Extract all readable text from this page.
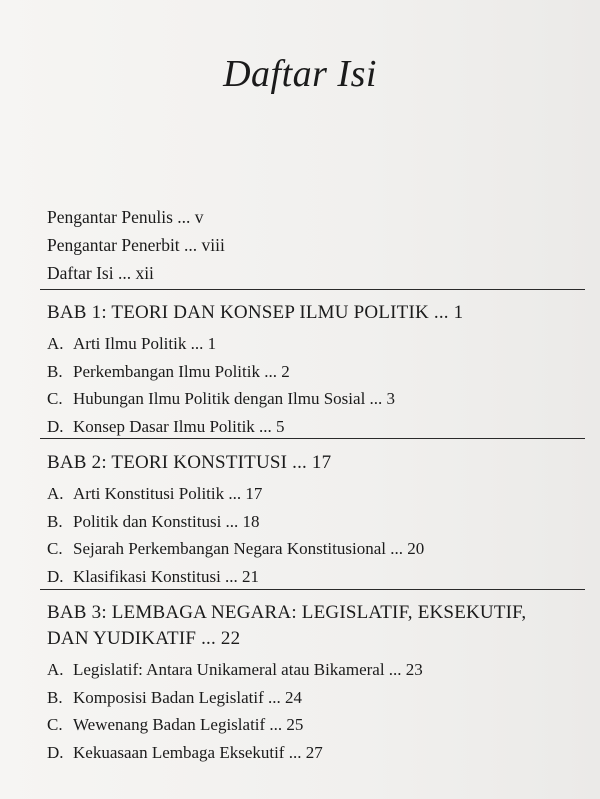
Daftar Isi
Pengantar Penulis ... v
Pengantar Penerbit ... viii
Daftar Isi ... xii
BAB 1: TEORI DAN KONSEP ILMU POLITIK ... 1
A. Arti Ilmu Politik ... 1
B. Perkembangan Ilmu Politik ... 2
C. Hubungan Ilmu Politik dengan Ilmu Sosial ... 3
D. Konsep Dasar Ilmu Politik ... 5
BAB 2: TEORI KONSTITUSI ... 17
A. Arti Konstitusi Politik ... 17
B. Politik dan Konstitusi ... 18
C. Sejarah Perkembangan Negara Konstitusional ... 20
D. Klasifikasi Konstitusi ... 21
BAB 3: LEMBAGA NEGARA: LEGISLATIF, EKSEKUTIF,
DAN YUDIKATIF ... 22
A. Legislatif: Antara Unikameral atau Bikameral ... 23
B. Komposisi Badan Legislatif ... 24
C. Wewenang Badan Legislatif ... 25
D. Kekuasaan Lembaga Eksekutif ... 27
